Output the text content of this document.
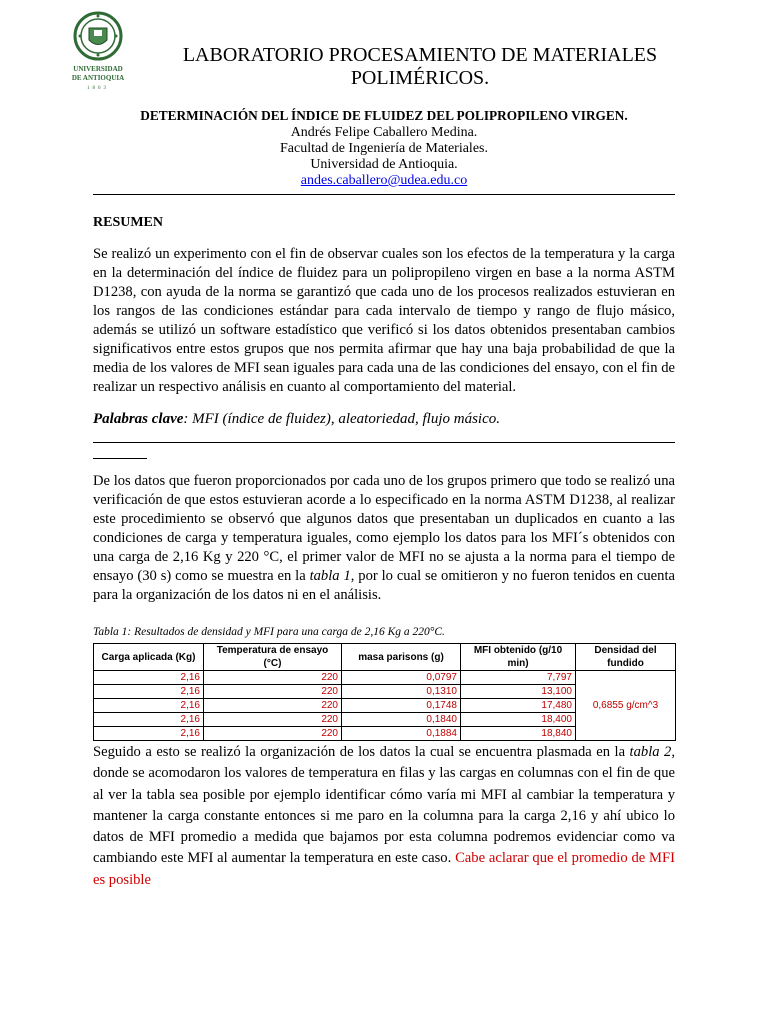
UNIVERSIDAD
DE ANTIOQUIA
1803
LABORATORIO PROCESAMIENTO DE MATERIALES
POLIMÉRICOS.
DETERMINACIÓN DEL ÍNDICE DE FLUIDEZ DEL POLIPROPILENO VIRGEN.
Andrés Felipe Caballero Medina.
Facultad de Ingeniería de Materiales.
Universidad de Antioquia.
andes.caballero@udea.edu.co
RESUMEN
Se realizó un experimento con el fin de observar cuales son los efectos de la temperatura y la carga en la determinación del índice de fluidez para un polipropileno virgen en base a la norma ASTM D1238, con ayuda de la norma se garantizó que cada uno de los procesos realizados estuvieran en los rangos de las condiciones estándar para cada intervalo de tiempo y rango de flujo másico, además se utilizó un software estadístico que verificó si los datos obtenidos presentaban cambios significativos entre estos grupos que nos permita afirmar que hay una baja probabilidad de que la media de los valores de MFI sean iguales para cada una de las condiciones del ensayo, con el fin de realizar un respectivo análisis en cuanto al comportamiento del material.
Palabras clave: MFI (índice de fluidez), aleatoriedad, flujo másico.
De los datos que fueron proporcionados por cada uno de los grupos primero que todo se realizó una verificación de que estos estuvieran acorde a lo especificado en la norma ASTM D1238, al realizar este procedimiento se observó que algunos datos que presentaban un duplicados en cuanto a las condiciones de carga y temperatura iguales, como ejemplo los datos para los MFI´s obtenidos con una carga de 2,16 Kg y 220 °C, el primer valor de MFI no se ajusta a la norma para el tiempo de ensayo (30 s) como se muestra en la tabla 1, por lo cual se omitieron y no fueron tenidos en cuenta para la organización de los datos ni en el análisis.
Tabla 1: Resultados de densidad y MFI para una carga de 2,16 Kg a 220°C.
Carga aplicada (Kg)	Temperatura de ensayo (°C)	masa parisons (g)	MFI obtenido (g/10 min)	Densidad del fundido
2,16	220	0,0797	7,797	0,6855 g/cm^3
2,16	220	0,1310	13,100	
2,16	220	0,1748	17,480	
2,16	220	0,1840	18,400	
2,16	220	0,1884	18,840	
Seguido a esto se realizó la organización de los datos la cual se encuentra plasmada en la tabla 2, donde se acomodaron los valores de temperatura en filas y las cargas en columnas con el fin de que al ver la tabla sea posible por ejemplo identificar cómo varía mi MFI al cambiar la temperatura y mantener la carga constante entonces si me paro en la columna para la carga 2,16 y ahí ubico lo datos de MFI promedio a medida que bajamos por esta columna podremos evidenciar como va cambiando este MFI al aumentar la temperatura en este caso. Cabe aclarar que el promedio de MFI es posible
